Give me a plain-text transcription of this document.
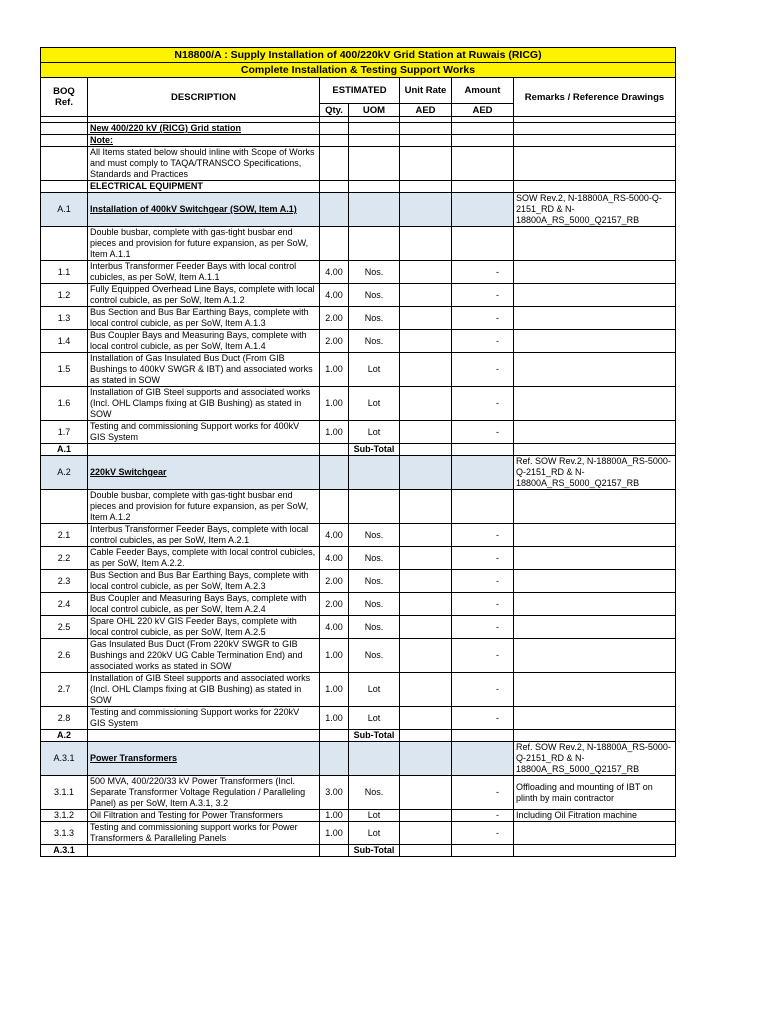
N18800/A : Supply Installation of 400/220kV Grid Station at Ruwais (RICG)						
Complete Installation & Testing Support Works						
BOQ Ref.	DESCRIPTION	ESTIMATED		Unit Rate	Amount	Remarks / Reference Drawings
		Qty.	UOM	AED	AED	

	New 400/220 kV (RICG) Grid station					
	Note:					
	All Items stated below should inline with Scope of Works and must comply to TAQA/TRANSCO Specifications, Standards and Practices					
	ELECTRICAL EQUIPMENT					
A.1	Installation of 400kV Switchgear (SOW, Item A.1)					SOW Rev.2, N-18800A_RS-5000-Q-2151_RD & N-18800A_RS_5000_Q2157_RB
	Double busbar, complete with gas-tight busbar end pieces and provision for future expansion, as per SoW, Item A.1.1					
1.1	Interbus Transformer Feeder Bays with local control cubicles, as per SoW, Item A.1.1	4.00	Nos.		-	
1.2	Fully Equipped Overhead Line Bays, complete with local control cubicle, as per SoW, Item A.1.2	4.00	Nos.		-	
1.3	Bus Section and Bus Bar Earthing Bays, complete with local control cubicle, as per SoW, Item A.1.3	2.00	Nos.		-	
1.4	Bus Coupler Bays and Measuring Bays, complete with local control cubicle, as per SoW, Item A.1.4	2.00	Nos.		-	
1.5	Installation of Gas Insulated Bus Duct (From GIB Bushings to 400kV SWGR & IBT) and associated works as stated in SOW	1.00	Lot		-	
1.6	Installation of GIB Steel supports and associated works (Incl. OHL Clamps fixing at GIB Bushing) as stated in SOW	1.00	Lot		-	
1.7	Testing and commissioning Support works for 400kV GIS System	1.00	Lot		-	
A.1			Sub-Total			
A.2	220kV Switchgear					Ref. SOW Rev.2, N-18800A_RS-5000-Q-2151_RD & N-18800A_RS_5000_Q2157_RB
	Double busbar, complete with gas-tight busbar end pieces and provision for future expansion, as per SoW, Item A.1.2					
2.1	Interbus Transformer Feeder Bays, complete with local control cubicles, as per SoW, Item A.2.1	4.00	Nos.		-	
2.2	Cable Feeder Bays, complete with local control cubicles, as per SoW, Item A.2.2.	4.00	Nos.		-	
2.3	Bus Section and Bus Bar Earthing Bays, complete with local control cubicle, as per SoW, Item A.2.3	2.00	Nos.		-	
2.4	Bus Coupler and Measuring Bays Bays, complete with local control cubicle, as per SoW, Item A.2.4	2.00	Nos.		-	
2.5	Spare OHL 220 kV GIS Feeder Bays, complete with local control cubicle, as per SoW, Item A.2.5	4.00	Nos.		-	
2.6	Gas Insulated Bus Duct (From 220kV SWGR to GIB Bushings and 220kV UG Cable Termination End) and associated works as stated in SOW	1.00	Nos.		-	
2.7	Installation of GIB Steel supports and associated works (Incl. OHL Clamps fixing at GIB Bushing) as stated in SOW	1.00	Lot		-	
2.8	Testing and commissioning Support works for 220kV GIS System	1.00	Lot		-	
A.2			Sub-Total			
A.3.1	Power Transformers					Ref. SOW Rev.2, N-18800A_RS-5000-Q-2151_RD & N-18800A_RS_5000_Q2157_RB
3.1.1	500 MVA, 400/220/33 kV Power Transformers (Incl. Separate Transformer Voltage Regulation / Paralleling Panel) as per SoW, Item A.3.1, 3.2	3.00	Nos.		-	Offloading and mounting of IBT on plinth by main contractor
3.1.2	Oil Filtration and Testing for Power Transformers	1.00	Lot		-	Including Oil Fitration machine
3.1.3	Testing and commissioning support works for Power Transformers & Paralleling Panels	1.00	Lot		-	
A.3.1			Sub-Total			
